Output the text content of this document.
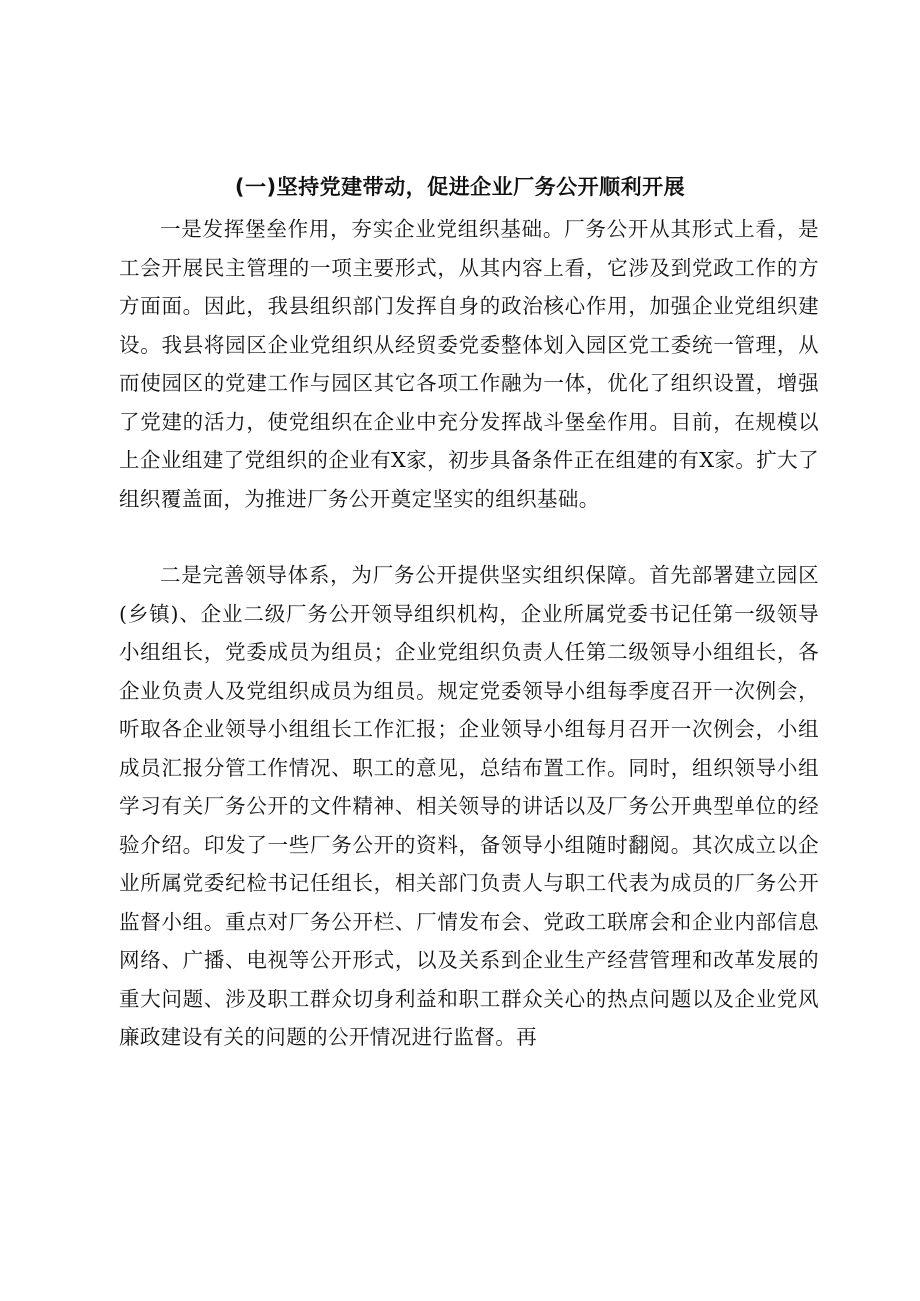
(一)坚持党建带动，促进企业厂务公开顺利开展

一是发挥堡垒作用，夯实企业党组织基础。厂务公开从其形式上看，是工会开展民主管理的一项主要形式，从其内容上看，它涉及到党政工作的方方面面。因此，我县组织部门发挥自身的政治核心作用，加强企业党组织建设。我县将园区企业党组织从经贸委党委整体划入园区党工委统一管理，从而使园区的党建工作与园区其它各项工作融为一体，优化了组织设置，增强了党建的活力，使党组织在企业中充分发挥战斗堡垒作用。目前，在规模以上企业组建了党组织的企业有X家，初步具备条件正在组建的有X家。扩大了组织覆盖面，为推进厂务公开奠定坚实的组织基础。

二是完善领导体系，为厂务公开提供坚实组织保障。首先部署建立园区(乡镇)、企业二级厂务公开领导组织机构，企业所属党委书记任第一级领导小组组长，党委成员为组员；企业党组织负责人任第二级领导小组组长，各企业负责人及党组织成员为组员。规定党委领导小组每季度召开一次例会，听取各企业领导小组组长工作汇报；企业领导小组每月召开一次例会，小组成员汇报分管工作情况、职工的意见，总结布置工作。同时，组织领导小组学习有关厂务公开的文件精神、相关领导的讲话以及厂务公开典型单位的经验介绍。印发了一些厂务公开的资料，备领导小组随时翻阅。其次成立以企业所属党委纪检书记任组长，相关部门负责人与职工代表为成员的厂务公开监督小组。重点对厂务公开栏、厂情发布会、党政工联席会和企业内部信息网络、广播、电视等公开形式，以及关系到企业生产经营管理和改革发展的重大问题、涉及职工群众切身利益和职工群众关心的热点问题以及企业党风廉政建设有关的问题的公开情况进行监督。再
